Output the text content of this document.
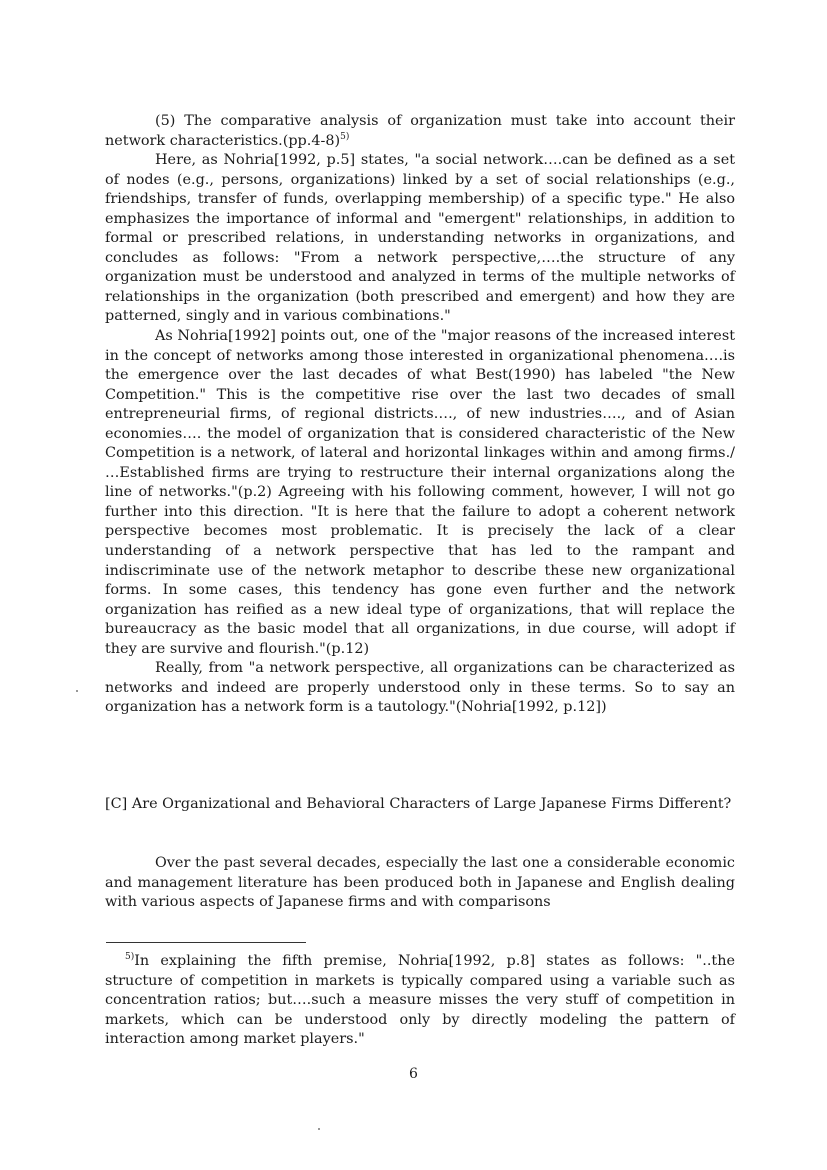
(5) The comparative analysis of organization must take into account their network characteristics.(pp.4-8)$^{5)}$

Here, as Nohria[1992, p.5] states, "a social network….can be defined as a set of nodes (e.g., persons, organizations) linked by a set of social relationships (e.g., friendships, transfer of funds, overlapping membership) of a specific type." He also emphasizes the importance of informal and "emergent" relationships, in addition to formal or prescribed relations, in understanding networks in organizations, and concludes as follows: "From a network perspective,….the structure of any organization must be understood and analyzed in terms of the multiple networks of relationships in the organization (both prescribed and emergent) and how they are patterned, singly and in various combinations."

As Nohria[1992] points out, one of the "major reasons of the increased interest in the concept of networks among those interested in organizational phenomena….is the emergence over the last decades of what Best(1990) has labeled "the New Competition." This is the competitive rise over the last two decades of small entrepreneurial firms, of regional districts…., of new industries…., and of Asian economies…. the model of organization that is considered characteristic of the New Competition is a network, of lateral and horizontal linkages within and among firms./ …Established firms are trying to restructure their internal organizations along the line of networks."(p.2) Agreeing with his following comment, however, I will not go further into this direction. "It is here that the failure to adopt a coherent network perspective becomes most problematic. It is precisely the lack of a clear understanding of a network perspective that has led to the rampant and indiscriminate use of the network metaphor to describe these new organizational forms. In some cases, this tendency has gone even further and the network organization has reified as a new ideal type of organizations, that will replace the bureaucracy as the basic model that all organizations, in due course, will adopt if they are survive and flourish."(p.12)

Really, from "a network perspective, all organizations can be characterized as networks and indeed are properly understood only in these terms. So to say an organization has a network form is a tautology."(Nohria[1992, p.12])

[C] Are Organizational and Behavioral Characters of Large Japanese Firms Different?

Over the past several decades, especially the last one a considerable economic and management literature has been produced both in Japanese and English dealing with various aspects of Japanese firms and with comparisons

$^{5)}$In explaining the fifth premise, Nohria[1992, p.8] states as follows: "..the structure of competition in markets is typically compared using a variable such as concentration ratios; but….such a measure misses the very stuff of competition in markets, which can be understood only by directly modeling the pattern of interaction among market players."

6
